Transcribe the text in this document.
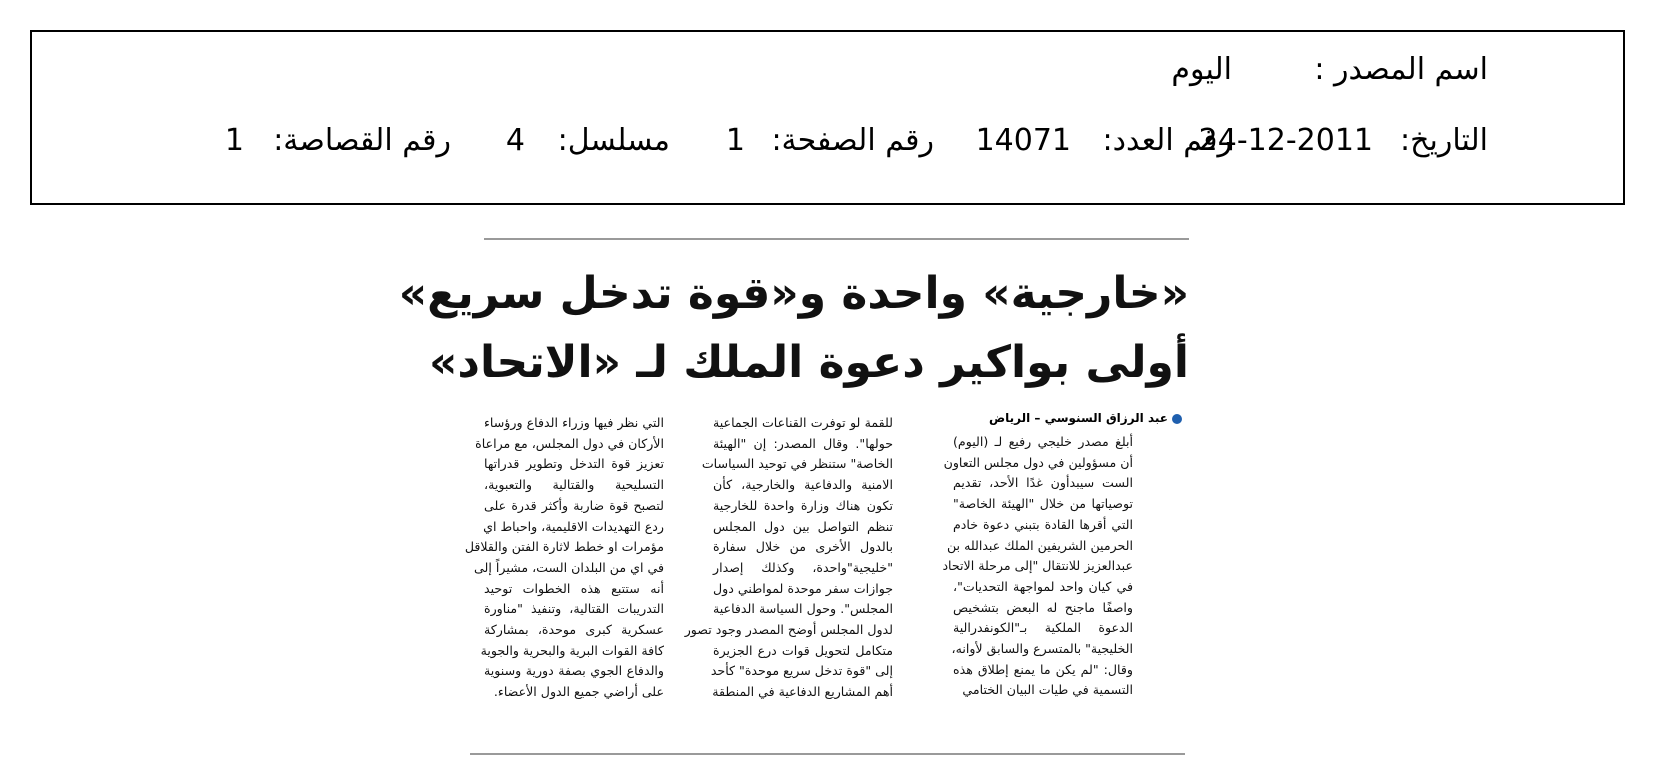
اسم المصدر :
اليوم
التاريخ:
24-12-2011
رقم العدد:
14071
رقم الصفحة:
1
مسلسل:
4
رقم القصاصة:
1
«خارجية» واحدة و«قوة تدخل سريع»
أولى بواكير دعوة الملك لـ «الاتحاد»
عبد الرزاق السنوسي – الرياض
أبلغ مصدر خليجي رفيع لـ (اليوم)
أن مسؤولين في دول مجلس التعاون
الست سيبدأون غدًا الأحد، تقديم
توصياتها من خلال "الهيئة الخاصة"
التي أقرها القادة بتبني دعوة خادم
الحرمين الشريفين الملك عبدالله بن
عبدالعزيز للانتقال "إلى مرحلة الاتحاد
في كيان واحد لمواجهة التحديات"،
واصفًا ماجنح له البعض بتشخيص
الدعوة الملكية بـ"الكونفدرالية
الخليجية" بالمتسرع والسابق لأوانه،
وقال: "لم يكن ما يمنع إطلاق هذه
التسمية في طيات البيان الختامي
للقمة لو توفرت القناعات الجماعية
حولها". وقال المصدر: إن "الهيئة
الخاصة" ستنظر في توحيد السياسات
الامنية والدفاعية والخارجية، كأن
تكون هناك وزارة واحدة للخارجية
تنظم التواصل بين دول المجلس
بالدول الأخرى من خلال سفارة
"خليجية"واحدة، وكذلك إصدار
جوازات سفر موحدة لمواطني دول
المجلس". وحول السياسة الدفاعية
لدول المجلس أوضح المصدر وجود تصور
متكامل لتحويل قوات درع الجزيرة
إلى "قوة تدخل سريع موحدة" كأحد
أهم المشاريع الدفاعية في المنطقة
التي نظر فيها وزراء الدفاع ورؤساء
الأركان في دول المجلس، مع مراعاة
تعزيز قوة التدخل وتطوير قدراتها
التسليحية والقتالية والتعبوية،
لتصبح قوة ضاربة وأكثر قدرة على
ردع التهديدات الاقليمية، واحباط اي
مؤمرات او خطط لاثارة الفتن والقلاقل
في اي من البلدان الست، مشيراً إلى
أنه ستتبع هذه الخطوات توحيد
التدريبات القتالية، وتنفيذ "مناورة
عسكرية كبرى موحدة، بمشاركة
كافة القوات البرية والبحرية والجوية
والدفاع الجوي بصفة دورية وسنوية
على أراضي جميع الدول الأعضاء.
